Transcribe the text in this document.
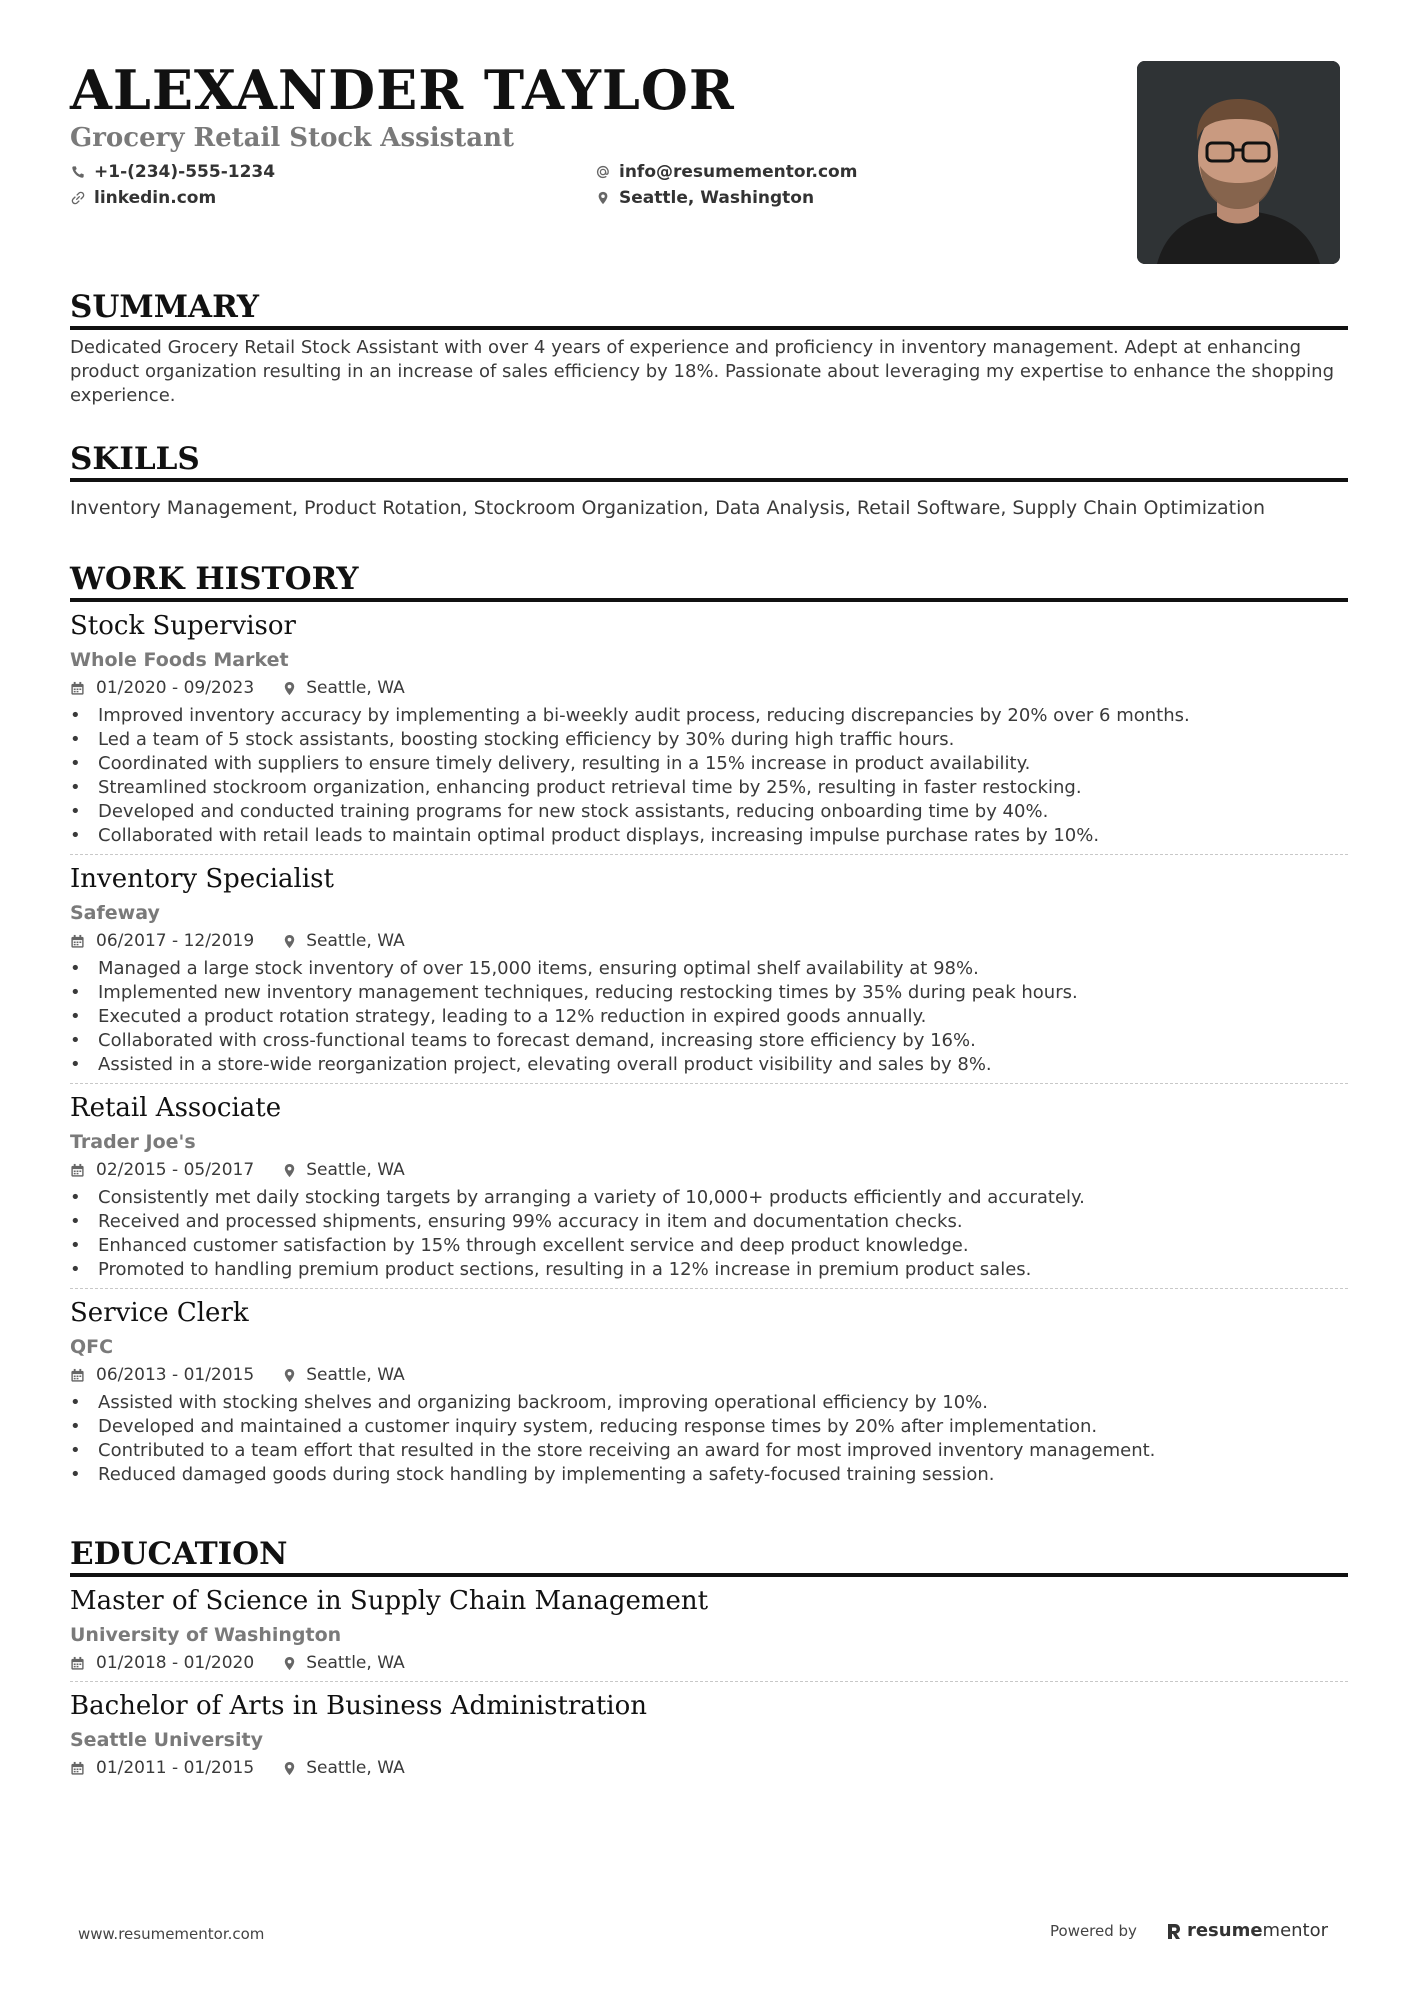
ALEXANDER TAYLOR
Grocery Retail Stock Assistant
+1-(234)-555-1234	info@resumementor.com
linkedin.com	Seattle, Washington
SUMMARY
Dedicated Grocery Retail Stock Assistant with over 4 years of experience and proficiency in inventory management. Adept at enhancing product organization resulting in an increase of sales efficiency by 18%. Passionate about leveraging my expertise to enhance the shopping experience.
SKILLS
Inventory Management, Product Rotation, Stockroom Organization, Data Analysis, Retail Software, Supply Chain Optimization
WORK HISTORY
Stock Supervisor
Whole Foods Market
01/2020 - 09/2023	Seattle, WA
• Improved inventory accuracy by implementing a bi-weekly audit process, reducing discrepancies by 20% over 6 months.
• Led a team of 5 stock assistants, boosting stocking efficiency by 30% during high traffic hours.
• Coordinated with suppliers to ensure timely delivery, resulting in a 15% increase in product availability.
• Streamlined stockroom organization, enhancing product retrieval time by 25%, resulting in faster restocking.
• Developed and conducted training programs for new stock assistants, reducing onboarding time by 40%.
• Collaborated with retail leads to maintain optimal product displays, increasing impulse purchase rates by 10%.
Inventory Specialist
Safeway
06/2017 - 12/2019	Seattle, WA
• Managed a large stock inventory of over 15,000 items, ensuring optimal shelf availability at 98%.
• Implemented new inventory management techniques, reducing restocking times by 35% during peak hours.
• Executed a product rotation strategy, leading to a 12% reduction in expired goods annually.
• Collaborated with cross-functional teams to forecast demand, increasing store efficiency by 16%.
• Assisted in a store-wide reorganization project, elevating overall product visibility and sales by 8%.
Retail Associate
Trader Joe's
02/2015 - 05/2017	Seattle, WA
• Consistently met daily stocking targets by arranging a variety of 10,000+ products efficiently and accurately.
• Received and processed shipments, ensuring 99% accuracy in item and documentation checks.
• Enhanced customer satisfaction by 15% through excellent service and deep product knowledge.
• Promoted to handling premium product sections, resulting in a 12% increase in premium product sales.
Service Clerk
QFC
06/2013 - 01/2015	Seattle, WA
• Assisted with stocking shelves and organizing backroom, improving operational efficiency by 10%.
• Developed and maintained a customer inquiry system, reducing response times by 20% after implementation.
• Contributed to a team effort that resulted in the store receiving an award for most improved inventory management.
• Reduced damaged goods during stock handling by implementing a safety-focused training session.
EDUCATION
Master of Science in Supply Chain Management
University of Washington
01/2018 - 01/2020	Seattle, WA
Bachelor of Arts in Business Administration
Seattle University
01/2011 - 01/2015	Seattle, WA
www.resumementor.com	Powered by	resume mentor
